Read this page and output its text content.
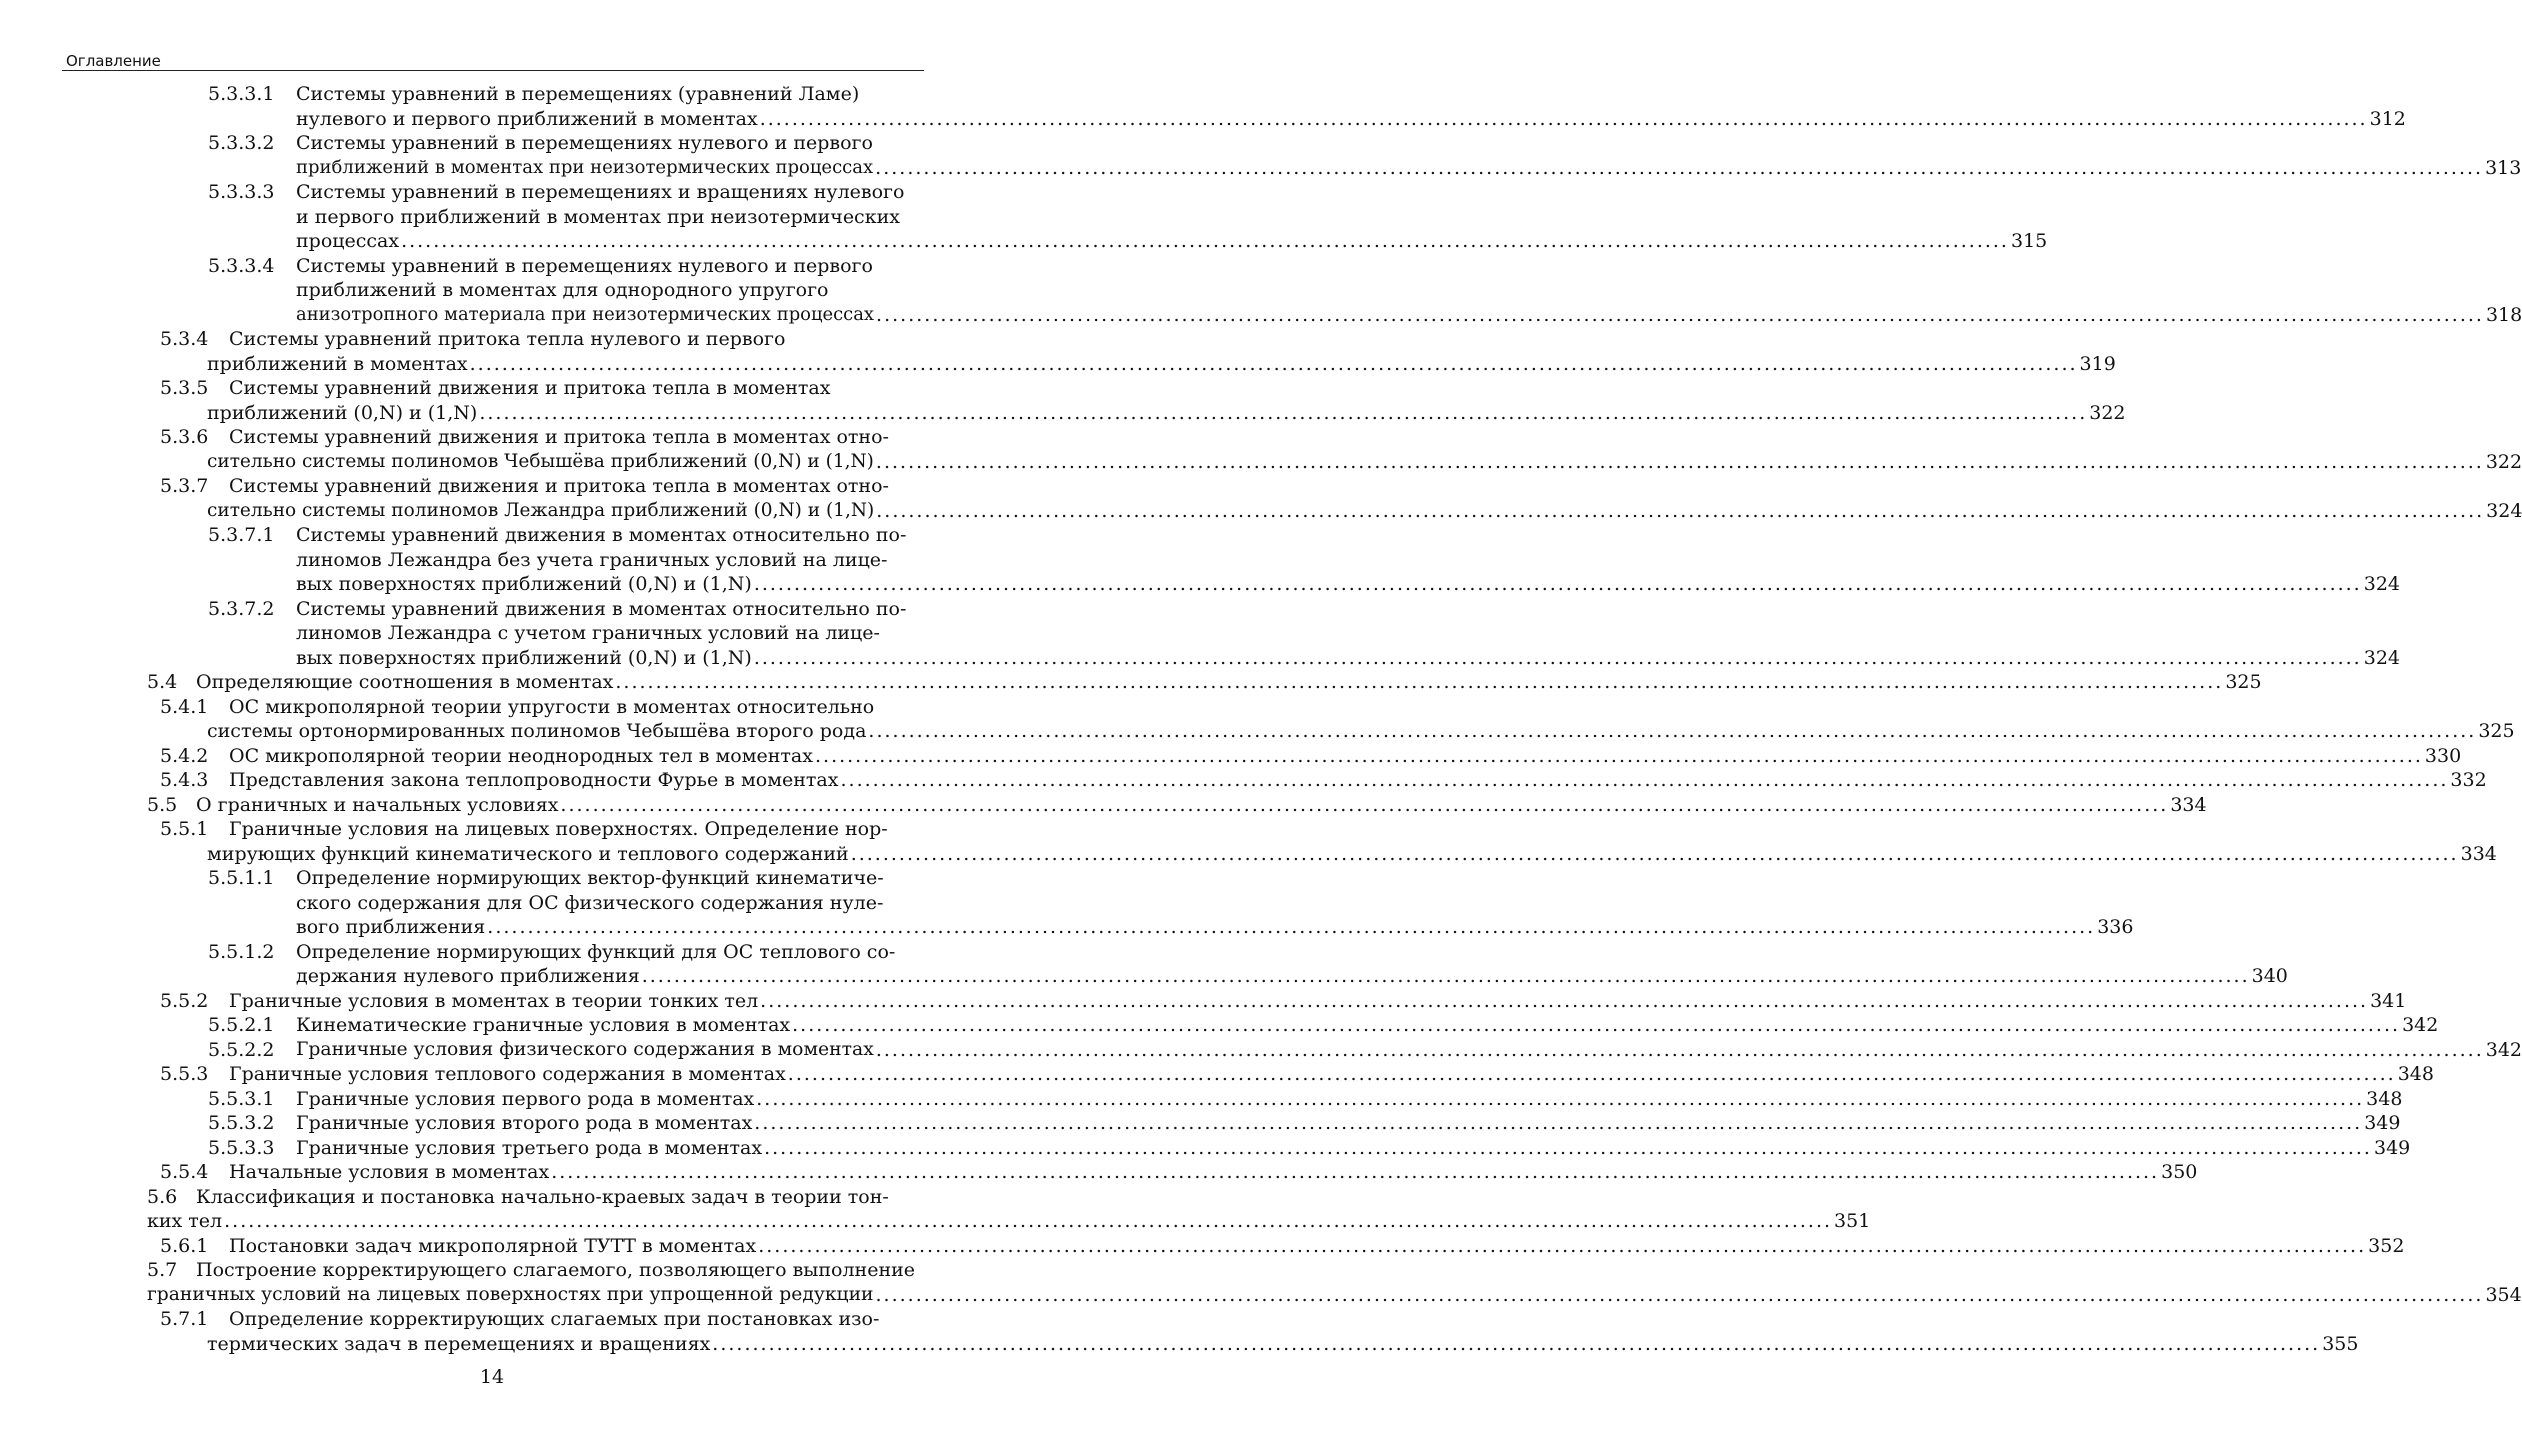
Оглавление
5.3.3.1 Системы уравнений в перемещениях (уравнений Ламе)
нулевого и первого приближений в моментах ........................................................................................................................................................................................................ 312
5.3.3.2 Системы уравнений в перемещениях нулевого и первого
приближений в моментах при неизотермических процессах ........................................................................................................................................................................................................ 313
5.3.3.3 Системы уравнений в перемещениях и вращениях нулевого
и первого приближений в моментах при неизотермических
процессах ........................................................................................................................................................................................................ 315
5.3.3.4 Системы уравнений в перемещениях нулевого и первого
приближений в моментах для однородного упругого
анизотропного материала при неизотермических процессах ........................................................................................................................................................................................................ 318
5.3.4 Системы уравнений притока тепла нулевого и первого
приближений в моментах ........................................................................................................................................................................................................ 319
5.3.5 Системы уравнений движения и притока тепла в моментах
приближений (0,N) и (1,N) ........................................................................................................................................................................................................ 322
5.3.6 Системы уравнений движения и притока тепла в моментах отно-
сительно системы полиномов Чебышёва приближений (0,N) и (1,N) ........................................................................................................................................................................................................ 322
5.3.7 Системы уравнений движения и притока тепла в моментах отно-
сительно системы полиномов Лежандра приближений (0,N) и (1,N) ........................................................................................................................................................................................................ 324
5.3.7.1 Системы уравнений движения в моментах относительно по-
линомов Лежандра без учета граничных условий на лице-
вых поверхностях приближений (0,N) и (1,N) ........................................................................................................................................................................................................ 324
5.3.7.2 Системы уравнений движения в моментах относительно по-
линомов Лежандра с учетом граничных условий на лице-
вых поверхностях приближений (0,N) и (1,N) ........................................................................................................................................................................................................ 324
5.4 Определяющие соотношения в моментах ........................................................................................................................................................................................................ 325
5.4.1 ОС микрополярной теории упругости в моментах относительно
системы ортонормированных полиномов Чебышёва второго рода ........................................................................................................................................................................................................ 325
5.4.2 ОС микрополярной теории неоднородных тел в моментах ........................................................................................................................................................................................................ 330
5.4.3 Представления закона теплопроводности Фурье в моментах ........................................................................................................................................................................................................ 332
5.5 О граничных и начальных условиях ........................................................................................................................................................................................................ 334
5.5.1 Граничные условия на лицевых поверхностях. Определение нор-
мирующих функций кинематического и теплового содержаний ........................................................................................................................................................................................................ 334
5.5.1.1 Определение нормирующих вектор-функций кинематиче-
ского содержания для ОС физического содержания нуле-
вого приближения ........................................................................................................................................................................................................ 336
5.5.1.2 Определение нормирующих функций для ОС теплового со-
держания нулевого приближения ........................................................................................................................................................................................................ 340
5.5.2 Граничные условия в моментах в теории тонких тел ........................................................................................................................................................................................................ 341
5.5.2.1 Кинематические граничные условия в моментах ........................................................................................................................................................................................................ 342
5.5.2.2 Граничные условия физического содержания в моментах ........................................................................................................................................................................................................ 342
5.5.3 Граничные условия теплового содержания в моментах ........................................................................................................................................................................................................ 348
5.5.3.1 Граничные условия первого рода в моментах ........................................................................................................................................................................................................ 348
5.5.3.2 Граничные условия второго рода в моментах ........................................................................................................................................................................................................ 349
5.5.3.3 Граничные условия третьего рода в моментах ........................................................................................................................................................................................................ 349
5.5.4 Начальные условия в моментах ........................................................................................................................................................................................................ 350
5.6 Классификация и постановка начально-краевых задач в теории тон-
ких тел ........................................................................................................................................................................................................ 351
5.6.1 Постановки задач микрополярной ТУТТ в моментах ........................................................................................................................................................................................................ 352
5.7 Построение корректирующего слагаемого, позволяющего выполнение
граничных условий на лицевых поверхностях при упрощенной редукции ........................................................................................................................................................................................................ 354
5.7.1 Определение корректирующих слагаемых при постановках изо-
термических задач в перемещениях и вращениях ........................................................................................................................................................................................................ 355
14
